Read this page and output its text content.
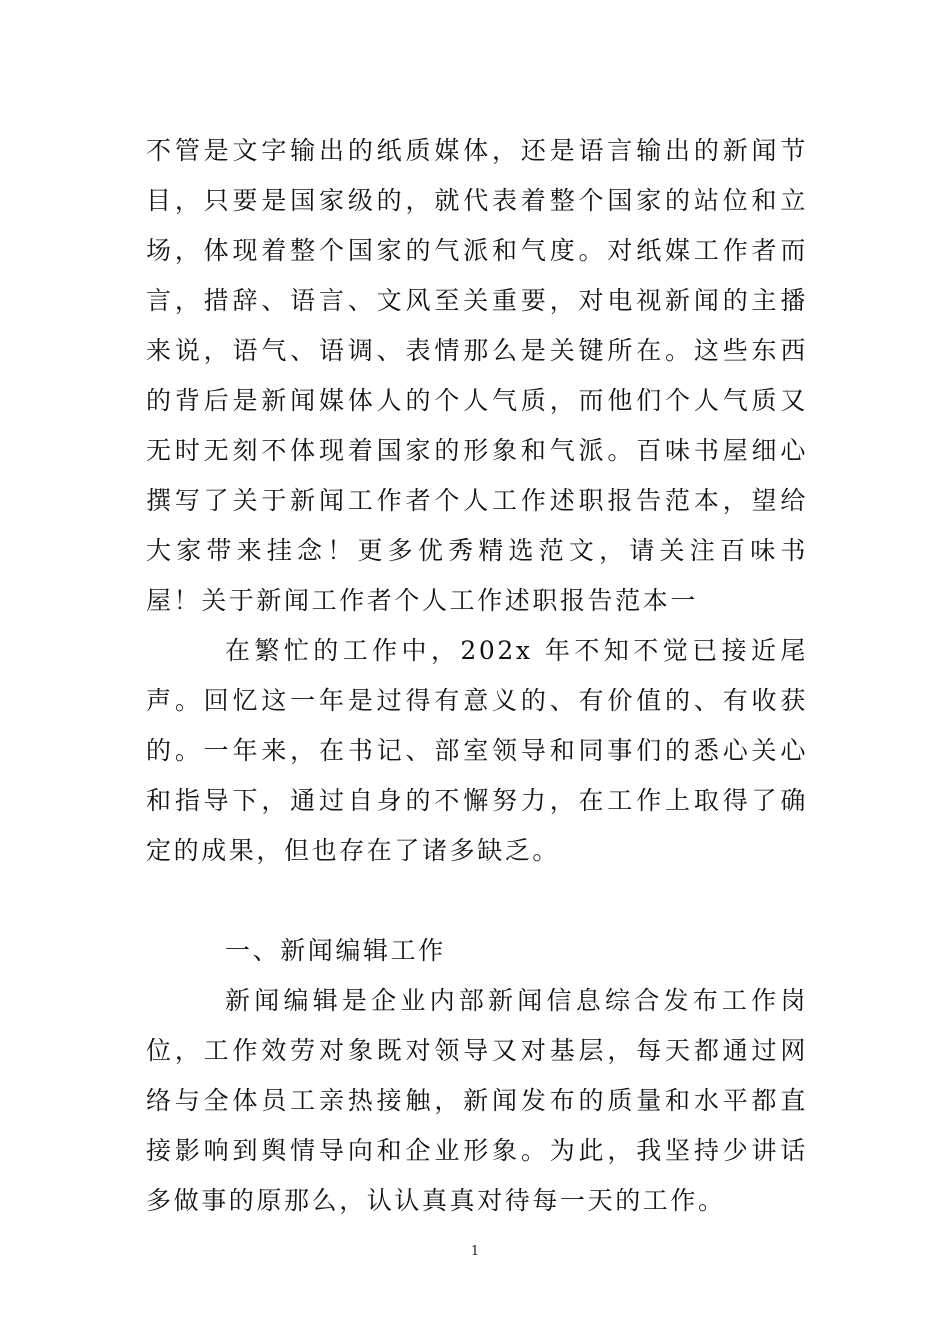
不管是文字输出的纸质媒体，还是语言输出的新闻节目，只要是国家级的，就代表着整个国家的站位和立场，体现着整个国家的气派和气度。对纸媒工作者而言，措辞、语言、文风至关重要，对电视新闻的主播来说，语气、语调、表情那么是关键所在。这些东西的背后是新闻媒体人的个人气质，而他们个人气质又无时无刻不体现着国家的形象和气派。百味书屋细心撰写了关于新闻工作者个人工作述职报告范本，望给大家带来挂念！更多优秀精选范文，请关注百味书屋！关于新闻工作者个人工作述职报告范本一

在繁忙的工作中，202x 年不知不觉已接近尾声。回忆这一年是过得有意义的、有价值的、有收获的。一年来，在书记、部室领导和同事们的悉心关心和指导下，通过自身的不懈努力，在工作上取得了确定的成果，但也存在了诸多缺乏。

一、新闻编辑工作

新闻编辑是企业内部新闻信息综合发布工作岗位，工作效劳对象既对领导又对基层，每天都通过网络与全体员工亲热接触，新闻发布的质量和水平都直接影响到舆情导向和企业形象。为此，我坚持少讲话多做事的原那么，认认真真对待每一天的工作。

1
